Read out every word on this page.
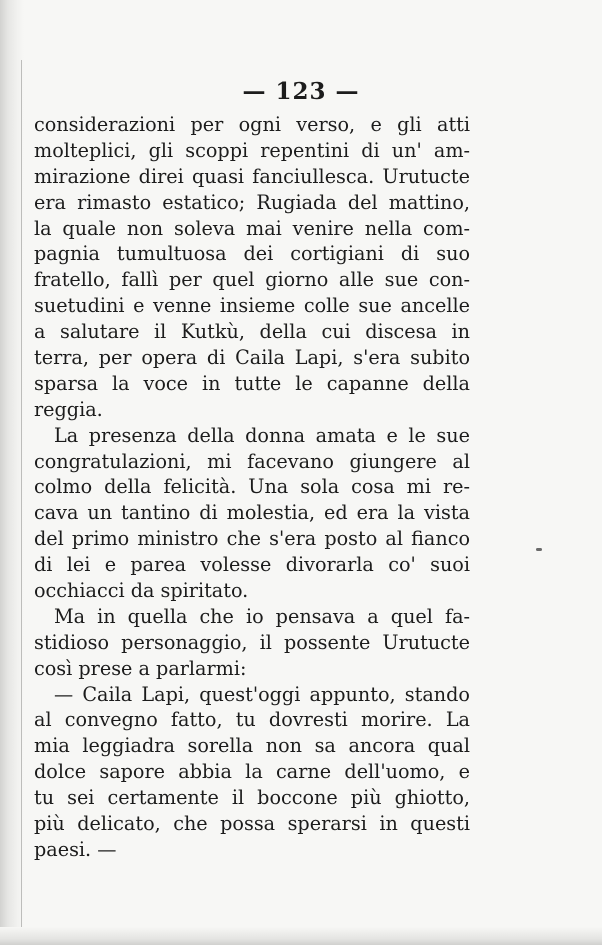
— 123 —
considerazioni per ogni verso, e gli atti
molteplici, gli scoppi repentini di un' am-
mirazione direi quasi fanciullesca. Urutucte
era rimasto estatico; Rugiada del mattino,
la quale non soleva mai venire nella com-
pagnia tumultuosa dei cortigiani di suo
fratello, fallì per quel giorno alle sue con-
suetudini e venne insieme colle sue ancelle
a salutare il Kutkù, della cui discesa in
terra, per opera di Caila Lapi, s'era subito
sparsa la voce in tutte le capanne della
reggia.
La presenza della donna amata e le sue
congratulazioni, mi facevano giungere al
colmo della felicità. Una sola cosa mi re-
cava un tantino di molestia, ed era la vista
del primo ministro che s'era posto al fianco
di lei e parea volesse divorarla co' suoi
occhiacci da spiritato.
Ma in quella che io pensava a quel fa-
stidioso personaggio, il possente Urutucte
così prese a parlarmi:
— Caila Lapi, quest'oggi appunto, stando
al convegno fatto, tu dovresti morire. La
mia leggiadra sorella non sa ancora qual
dolce sapore abbia la carne dell'uomo, e
tu sei certamente il boccone più ghiotto,
più delicato, che possa sperarsi in questi
paesi. —
